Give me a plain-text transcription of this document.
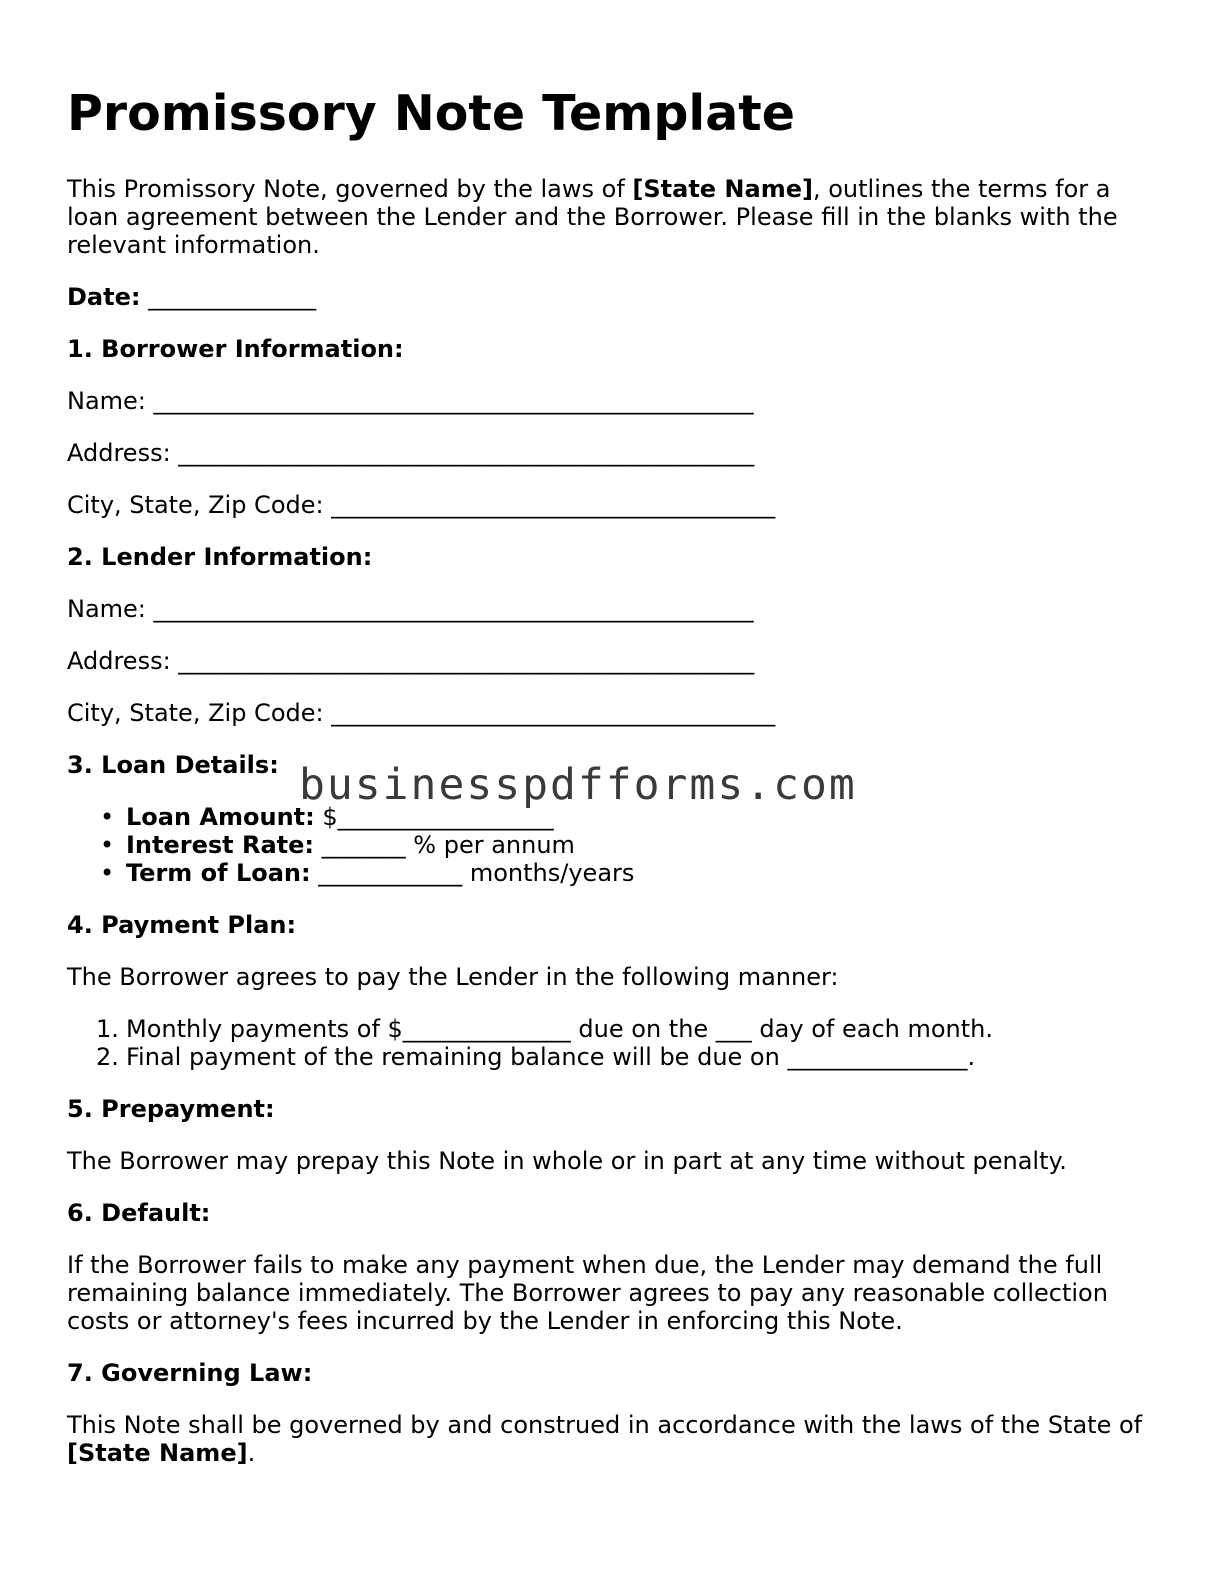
Promissory Note Template

This Promissory Note, governed by the laws of [State Name], outlines the terms for a

loan agreement between the Lender and the Borrower. Please fill in the blanks with the

relevant information.

Date: ______________

1. Borrower Information:

Name: __________________________________________________

Address: ________________________________________________

City, State, Zip Code: _____________________________________

2. Lender Information:

Name: __________________________________________________

Address: ________________________________________________

City, State, Zip Code: _____________________________________

3. Loan Details:

• Loan Amount: $__________________
• Interest Rate: _______ % per annum
• Term of Loan: ____________ months/years

4. Payment Plan:

The Borrower agrees to pay the Lender in the following manner:

1. Monthly payments of $______________ due on the ___ day of each month.
2. Final payment of the remaining balance will be due on _______________.

5. Prepayment:

The Borrower may prepay this Note in whole or in part at any time without penalty.

6. Default:

If the Borrower fails to make any payment when due, the Lender may demand the full

remaining balance immediately. The Borrower agrees to pay any reasonable collection

costs or attorney's fees incurred by the Lender in enforcing this Note.

7. Governing Law:

This Note shall be governed by and construed in accordance with the laws of the State of

[State Name].

businesspdfforms.com
